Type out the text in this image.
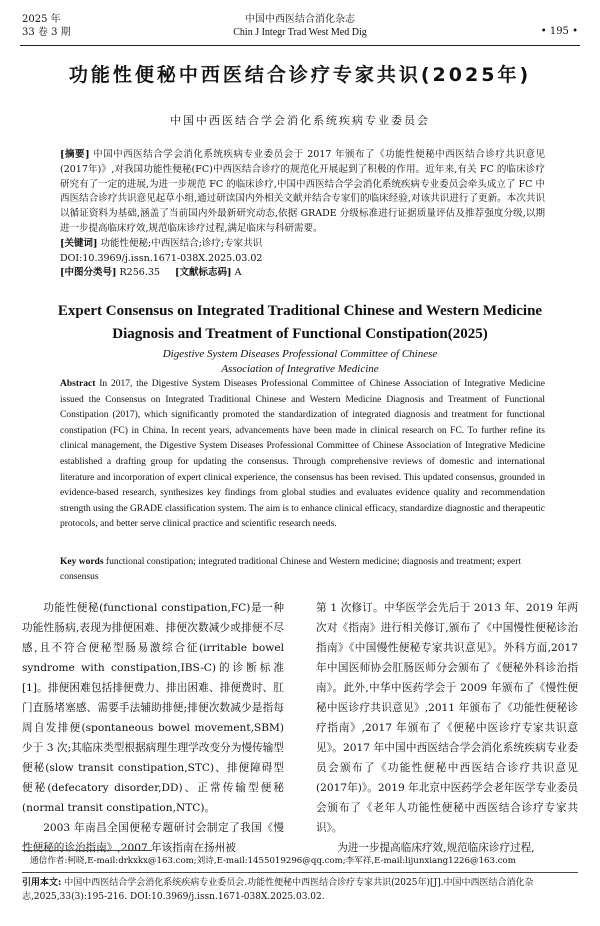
2025 年
33 卷 3 期
中国中西医结合消化杂志
Chin J Integr Trad West Med Dig	• 195 •
功能性便秘中西医结合诊疗专家共识(2025年)
中国中西医结合学会消化系统疾病专业委员会
[摘要] 中国中西医结合学会消化系统疾病专业委员会于 2017 年颁布了《功能性便秘中西医结合诊疗共识意见(2017年)》,对我国功能性便秘(FC)中西医结合诊疗的规范化开展起到了积极的作用。近年来,有关 FC 的临床诊疗研究有了一定的进展,为进一步规范 FC 的临床诊疗,中国中西医结合学会消化系统疾病专业委员会牵头成立了 FC 中西医结合诊疗共识意见起草小组,通过研读国内外相关文献并结合专家们的临床经验,对该共识进行了更新。本次共识以循证资料为基础,涵盖了当前国内外最新研究动态,依据 GRADE 分级标准进行证据质量评估及推荐强度分级,以期进一步提高临床疗效,规范临床诊疗过程,满足临床与科研需要。
[关键词] 功能性便秘;中西医结合;诊疗;专家共识
DOI:10.3969/j.issn.1671-038X.2025.03.02
[中图分类号] R256.35 [文献标志码] A
Expert Consensus on Integrated Traditional Chinese and Western Medicine Diagnosis and Treatment of Functional Constipation(2025)
Digestive System Diseases Professional Committee of Chinese Association of Integrative Medicine
Abstract In 2017, the Digestive System Diseases Professional Committee of Chinese Association of Integrative Medicine issued the Consensus on Integrated Traditional Chinese and Western Medicine Diagnosis and Treatment of Functional Constipation (2017), which significantly promoted the standardization of integrated diagnosis and treatment for functional constipation (FC) in China. In recent years, advancements have been made in clinical research on FC. To further refine its clinical management, the Digestive System Diseases Professional Committee of Chinese Association of Integrative Medicine established a drafting group for updating the consensus. Through comprehensive reviews of domestic and international literature and incorporation of expert clinical experience, the consensus has been revised. This updated consensus, grounded in evidence-based research, synthesizes key findings from global studies and evaluates evidence quality and recommendation strength using the GRADE classification system. The aim is to enhance clinical efficacy, standardize diagnostic and therapeutic protocols, and better serve clinical practice and scientific research needs.
Key words functional constipation; integrated traditional Chinese and Western medicine; diagnosis and treatment; expert consensus
功能性便秘(functional constipation,FC)是一种功能性肠病,表现为排便困难、排便次数减少或排便不尽感,且不符合便秘型肠易激综合征(irritable bowel syndrome with constipation,IBS-C)的诊断标准[1]。排便困难包括排便费力、排出困难、排便费时、肛门直肠堵塞感、需要手法辅助排便;排便次数减少是指每周自发排便(spontaneous bowel movement,SBM)少于 3 次;其临床类型根据病理生理学改变分为慢传输型便秘(slow transit constipation,STC)、排便障碍型便秘(defecatory disorder,DD)、正常传输型便秘(normal transit constipation,NTC)。
2003 年南昌全国便秘专题研讨会制定了我国《慢性便秘的诊治指南》,2007 年该指南在扬州被
第 1 次修订。中华医学会先后于 2013 年、2019 年两次对《指南》进行相关修订,颁布了《中国慢性便秘诊治指南》《中国慢性便秘专家共识意见》。外科方面,2017 年中国医师协会肛肠医师分会颁布了《便秘外科诊治指南》。此外,中华中医药学会于 2009 年颁布了《慢性便秘中医诊疗共识意见》,2011 年颁布了《功能性便秘诊疗指南》,2017 年颁布了《便秘中医诊疗专家共识意见》。2017 年中国中西医结合学会消化系统疾病专业委员会颁布了《功能性便秘中西医结合诊疗共识意见(2017年)》。2019 年北京中医药学会老年医学专业委员会颁布了《老年人功能性便秘中西医结合诊疗专家共识》。
为进一步提高临床疗效,规范临床诊疗过程,
通信作者:柯晓,E-mail:drkxkx@163.com;刘诗,E-mail:1455019296@qq.com;李军祥,E-mail:lijunxiang1226@163.com
引用本文: 中国中西医结合学会消化系统疾病专业委员会.功能性便秘中西医结合诊疗专家共识(2025年)[J].中国中西医结合消化杂志,2025,33(3):195-216. DOI:10.3969/j.issn.1671-038X.2025.03.02.
